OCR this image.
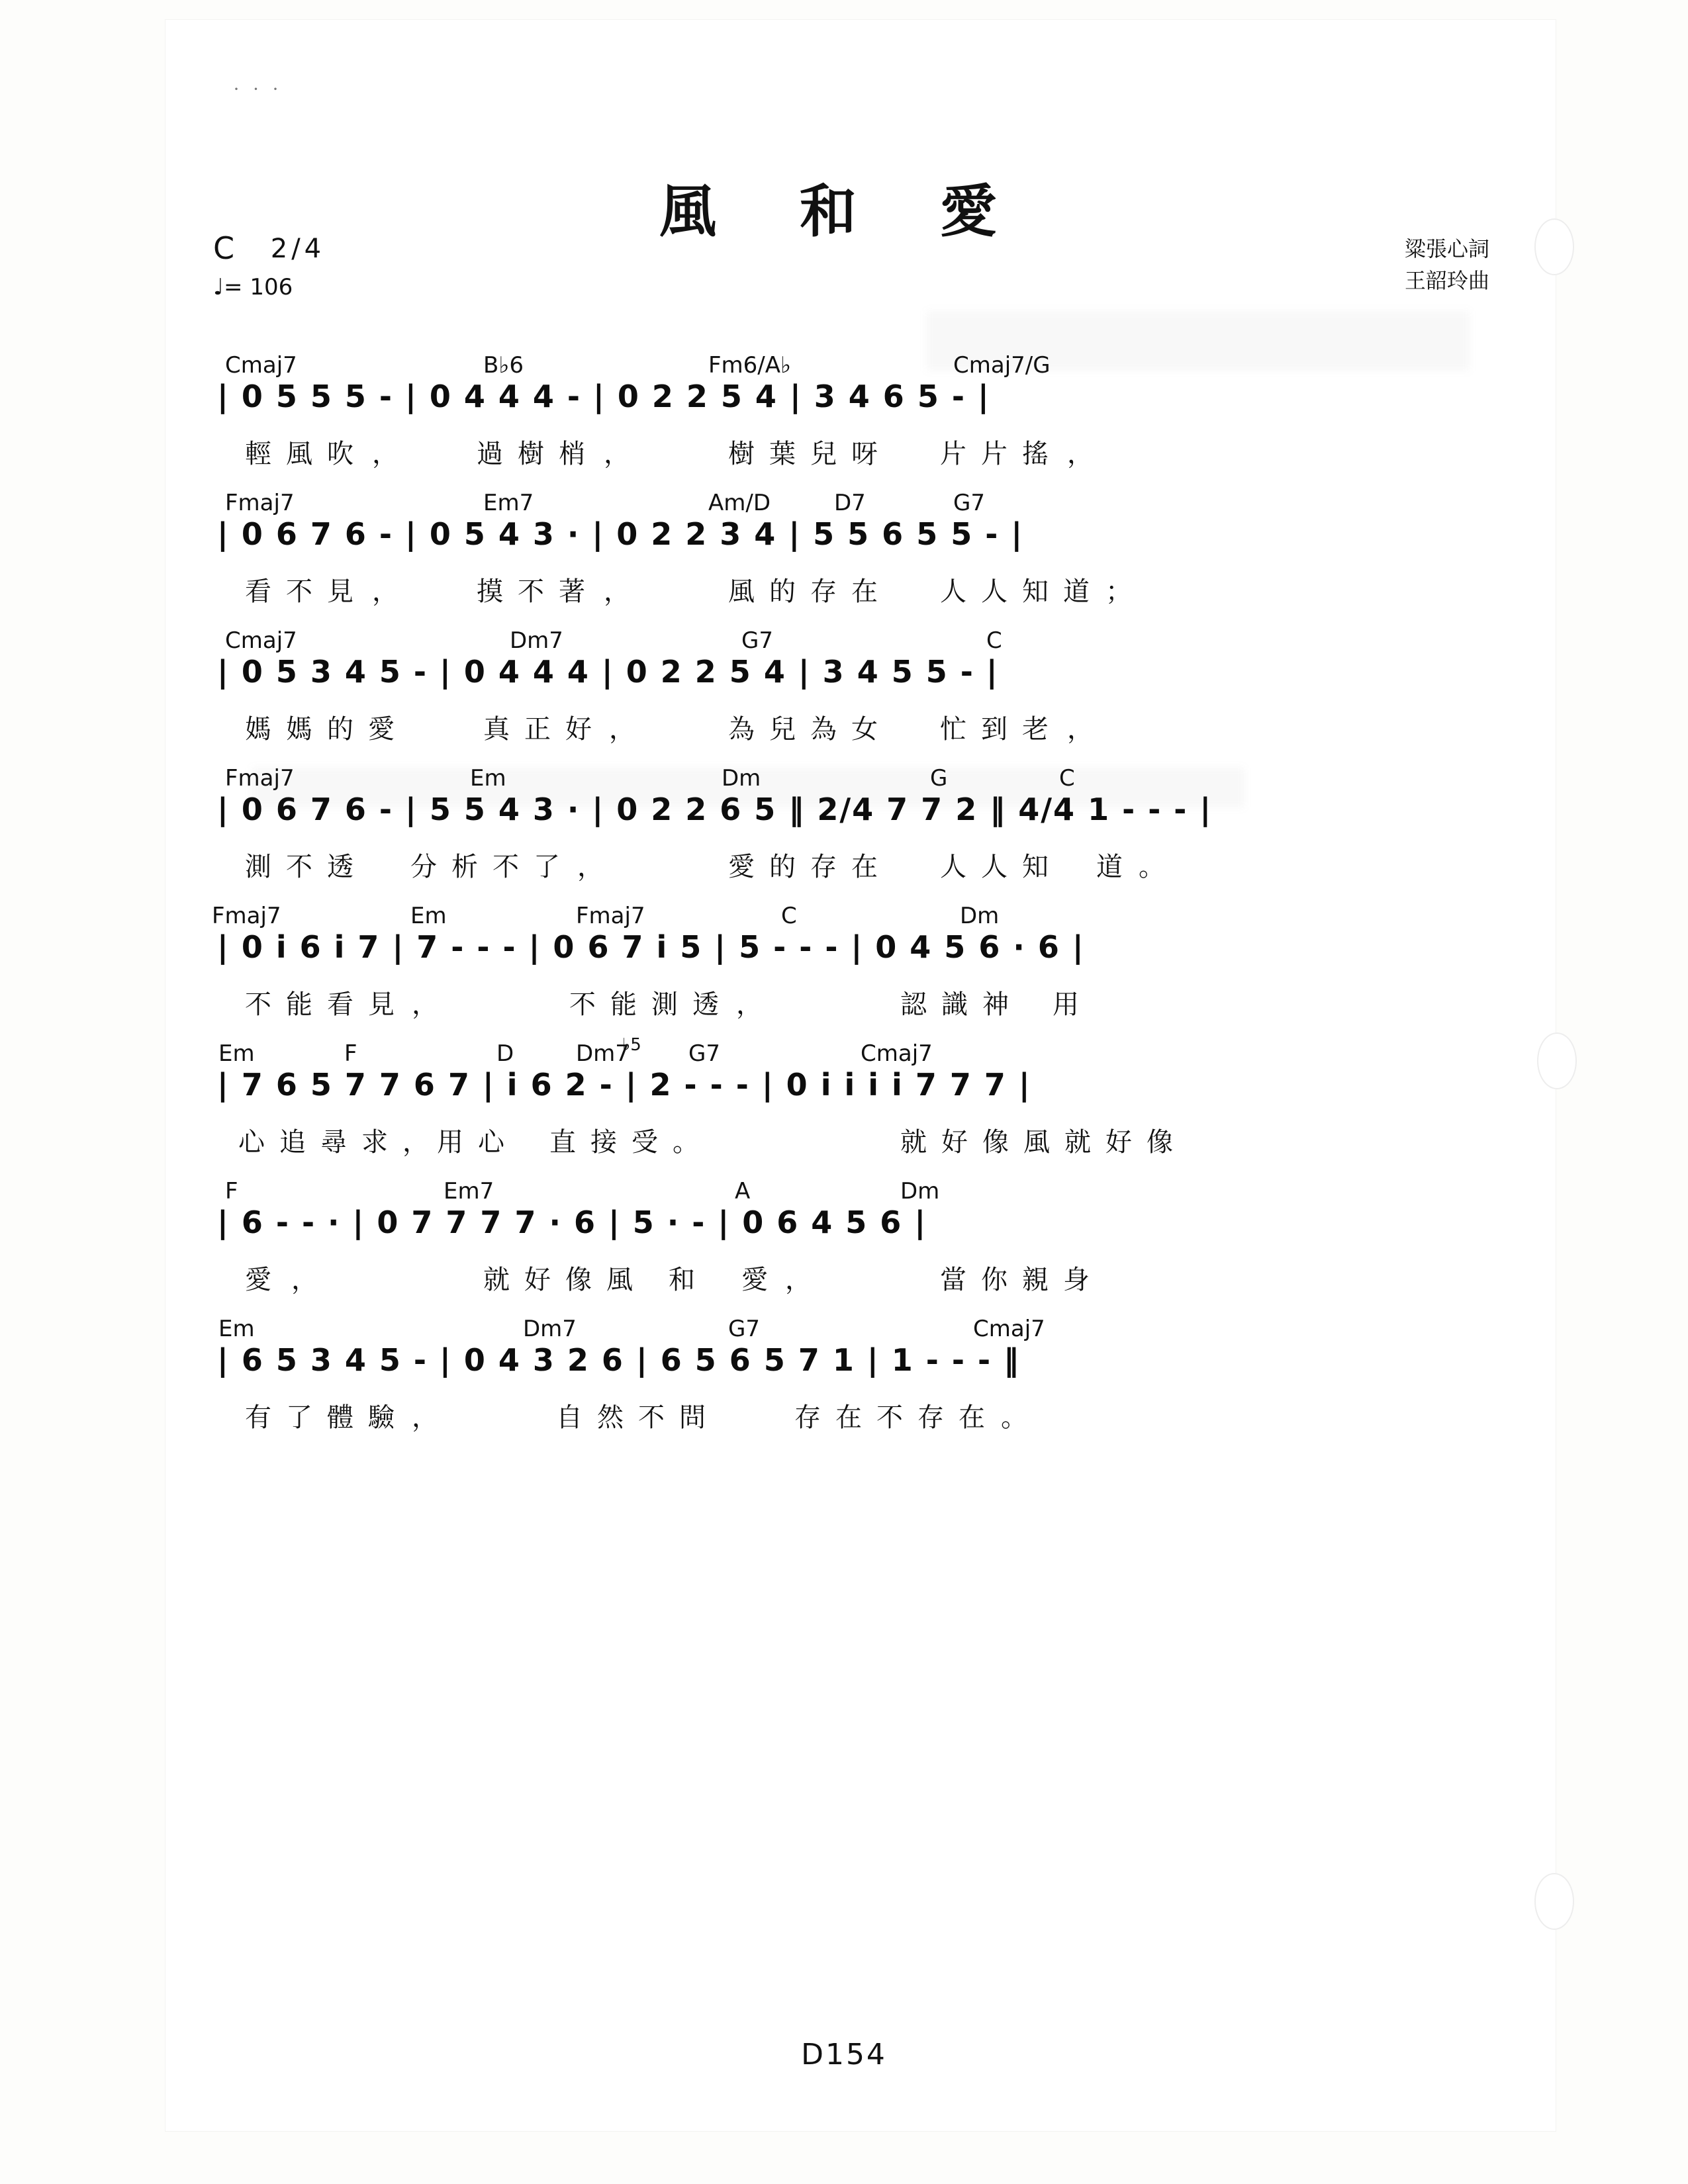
· · ·
風 和 愛
C 2/4
♩= 106
粱張心詞
王韶玲曲
Cmaj7	B♭6	Fm6/A♭	Cmaj7/G
| 0 5 5 5 - | 0 4 4 4 - | 0 2 2 5 4 | 3 4 6 5 - |
輕 風 吹 ，	過 樹 梢 ，	樹 葉 兒 呀 片 片 搖 ，
Fmaj7	Em7	Am/D	D7	G7
| 0 6 7 6 - | 0 5 4 3 · | 0 2 2 3 4 | 5 5 6 5 5 - |
看 不 見 ，	摸 不 著 ，	風 的 存 在 人 人 知 道 ；
Cmaj7	Dm7	G7	C
| 0 5 3 4 5 - | 0 4 4 4 | 0 2 2 5 4 | 3 4 5 5 - |
媽 媽 的 愛	真 正 好 ，	為 兒 為 女 忙 到 老 ，
Fmaj7	Em	Dm	G	C
| 0 6 7 6 - | 5 5 4 3 · | 0 2 2 6 5 ‖ 2/4 7 7 2 ‖ 4/4 1 - - - |
測 不 透 分 析 不 了 ，	愛 的 存 在 人 人 知 道 。
Fmaj7	Em	Fmaj7	C	Dm
| 0 i 6 i 7 | 7 - - - | 0 6 7 i 5 | 5 - - - | 0 4 5 6 · 6 |
不 能 看 見 ，	不 能 測 透 ，	認 識 神 用
Em	F	D	Dm7
♭5 G7	Cmaj7
| 7 6 5 7 7 6 7 | i 6 2 - | 2 - - - | 0 i i i i 7 7 7 |
心 追 尋 求 ， 用 心 直 接 受 。	就 好 像 風 就 好 像
F	Em7	A	Dm
| 6 - - · | 0 7 7 7 7 · 6 | 5 · - | 0 6 4 5 6 |
愛 ，	就 好 像 風 和 愛 ，	當 你 親 身
Em	Dm7	G7	Cmaj7
| 6 5 3 4 5 - | 0 4 3 2 6 | 6 5 6 5 7 1 | 1 - - - ‖
有 了 體 驗 ，	自 然 不 問	存 在 不 存 在 。
D154
